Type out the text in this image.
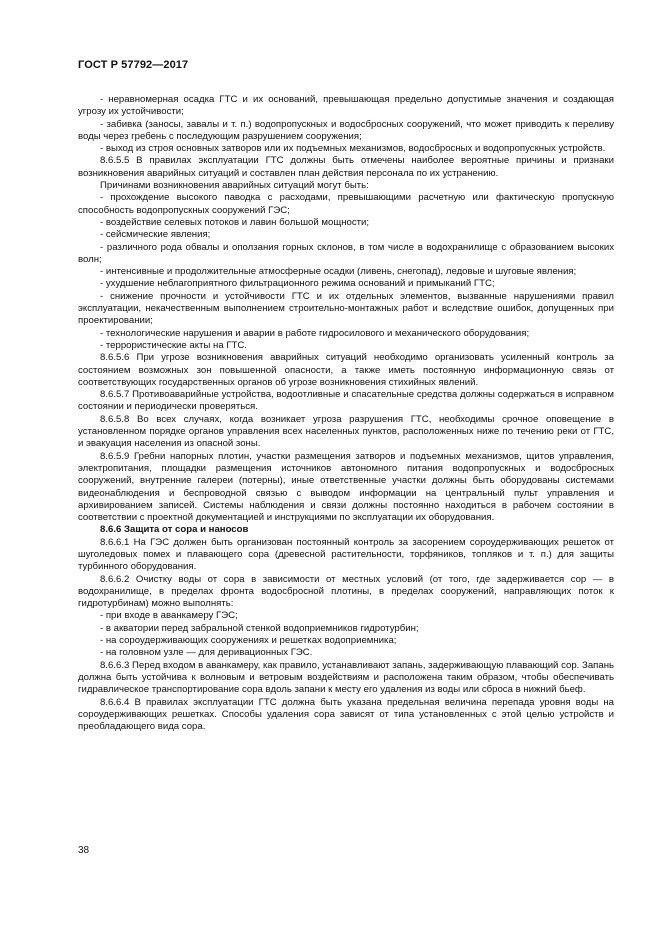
ГОСТ Р 57792—2017

- неравномерная осадка ГТС и их оснований, превышающая предельно допустимые значения и создающая угрозу их устойчивости;

- забивка (заносы, завалы и т. п.) водопропускных и водосбросных сооружений, что может приводить к переливу воды через гребень с последующим разрушением сооружения;

- выход из строя основных затворов или их подъемных механизмов, водосбросных и водопропускных устройств.

8.6.5.5 В правилах эксплуатации ГТС должны быть отмечены наиболее вероятные причины и признаки возникновения аварийных ситуаций и составлен план действия персонала по их устранению.

Причинами возникновения аварийных ситуаций могут быть:

- прохождение высокого паводка с расходами, превышающими расчетную или фактическую пропускную способность водопропускных сооружений ГЭС;

- воздействие селевых потоков и лавин большой мощности;

- сейсмические явления;

- различного рода обвалы и оползания горных склонов, в том числе в водохранилище с образованием высоких волн;

- интенсивные и продолжительные атмосферные осадки (ливень, снегопад), ледовые и шуговые явления;

- ухудшение неблагоприятного фильтрационного режима оснований и примыканий ГТС;

- снижение прочности и устойчивости ГТС и их отдельных элементов, вызванные нарушениями правил эксплуатации, некачественным выполнением строительно-монтажных работ и вследствие ошибок, допущенных при проектировании;

- технологические нарушения и аварии в работе гидросилового и механического оборудования;

- террористические акты на ГТС.

8.6.5.6 При угрозе возникновения аварийных ситуаций необходимо организовать усиленный контроль за состоянием возможных зон повышенной опасности, а также иметь постоянную информационную связь от соответствующих государственных органов об угрозе возникновения стихийных явлений.

8.6.5.7 Противоаварийные устройства, водоотливные и спасательные средства должны содержаться в исправном состоянии и периодически проверяться.

8.6.5.8 Во всех случаях, когда возникает угроза разрушения ГТС, необходимы срочное оповещение в установленном порядке органов управления всех населенных пунктов, расположенных ниже по течению реки от ГТС, и эвакуация населения из опасной зоны.

8.6.5.9 Гребни напорных плотин, участки размещения затворов и подъемных механизмов, щитов управления, электропитания, площадки размещения источников автономного питания водопропускных и водосбросных сооружений, внутренние галереи (потерны), иные ответственные участки должны быть оборудованы системами видеонаблюдения и беспроводной связью с выводом информации на центральный пульт управления и архивированием записей. Системы наблюдения и связи должны постоянно находиться в рабочем состоянии в соответствии с проектной документацией и инструкциями по эксплуатации их оборудования.

8.6.6 Защита от сора и наносов

8.6.6.1 На ГЭС должен быть организован постоянный контроль за засорением сороудерживающих решеток от шуголедовых помех и плавающего сора (древесной растительности, торфяников, топляков и т. п.) для защиты турбинного оборудования.

8.6.6.2 Очистку воды от сора в зависимости от местных условий (от того, где задерживается сор — в водохранилище, в пределах фронта водосбросной плотины, в пределах сооружений, направляющих поток к гидротурбинам) можно выполнять:

- при входе в аванкамеру ГЭС;

- в акватории перед забральной стенкой водоприемников гидротурбин;

- на сороудерживающих сооружениях и решетках водоприемника;

- на головном узле — для деривационных ГЭС.

8.6.6.3 Перед входом в аванкамеру, как правило, устанавливают запань, задерживающую плавающий сор. Запань должна быть устойчива к волновым и ветровым воздействиям и расположена таким образом, чтобы обеспечивать гидравлическое транспортирование сора вдоль запани к месту его удаления из воды или сброса в нижний бьеф.

8.6.6.4 В правилах эксплуатации ГТС должна быть указана предельная величина перепада уровня воды на сороудерживающих решетках. Способы удаления сора зависят от типа установленных с этой целью устройств и преобладающего вида сора.

38
